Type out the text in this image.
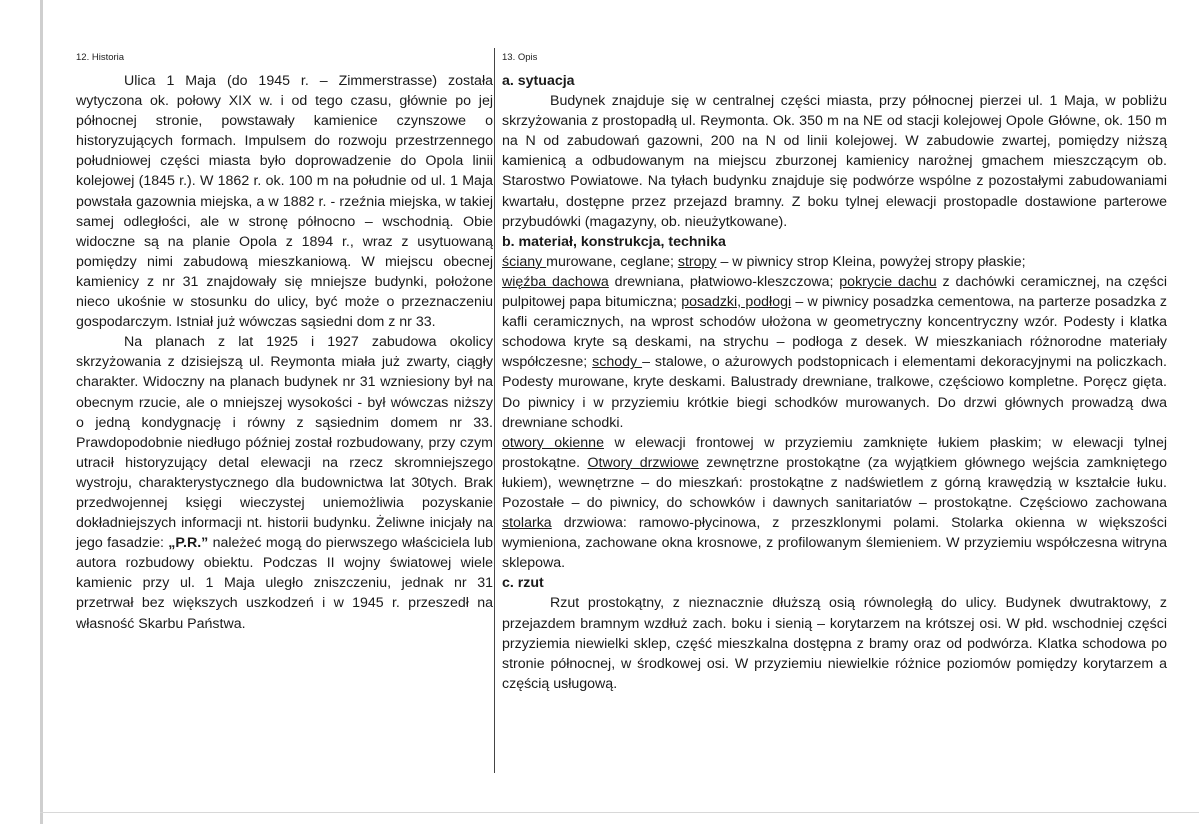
12. Historia

Ulica 1 Maja (do 1945 r. – Zimmerstrasse) została wytyczona ok. połowy XIX w. i od tego czasu, głównie po jej północnej stronie, powstawały kamienice czynszowe o historyzujących formach. Impulsem do rozwoju przestrzennego południowej części miasta było doprowadzenie do Opola linii kolejowej (1845 r.). W 1862 r. ok. 100 m na południe od ul. 1 Maja powstała gazownia miejska, a w 1882 r. - rzeźnia miejska, w takiej samej odległości, ale w stronę północno – wschodnią. Obie widoczne są na planie Opola z 1894 r., wraz z usytuowaną pomiędzy nimi zabudową mieszkaniową. W miejscu obecnej kamienicy z nr 31 znajdowały się mniejsze budynki, położone nieco ukośnie w stosunku do ulicy, być może o przeznaczeniu gospodarczym. Istniał już wówczas sąsiedni dom z nr 33.

Na planach z lat 1925 i 1927 zabudowa okolicy skrzyżowania z dzisiejszą ul. Reymonta miała już zwarty, ciągły charakter. Widoczny na planach budynek nr 31 wzniesiony był na obecnym rzucie, ale o mniejszej wysokości - był wówczas niższy o jedną kondygnację i równy z sąsiednim domem nr 33. Prawdopodobnie niedługo później został rozbudowany, przy czym utracił historyzujący detal elewacji na rzecz skromniejszego wystroju, charakterystycznego dla budownictwa lat 30tych. Brak przedwojennej księgi wieczystej uniemożliwia pozyskanie dokładniejszych informacji nt. historii budynku. Żeliwne inicjały na jego fasadzie: „P.R.” należeć mogą do pierwszego właściciela lub autora rozbudowy obiektu. Podczas II wojny światowej wiele kamienic przy ul. 1 Maja uległo zniszczeniu, jednak nr 31 przetrwał bez większych uszkodzeń i w 1945 r. przeszedł na własność Skarbu Państwa.

13. Opis

a. sytuacja

Budynek znajduje się w centralnej części miasta, przy północnej pierzei ul. 1 Maja, w pobliżu skrzyżowania z prostopadłą ul. Reymonta. Ok. 350 m na NE od stacji kolejowej Opole Główne, ok. 150 m na N od zabudowań gazowni, 200 na N od linii kolejowej. W zabudowie zwartej, pomiędzy niższą kamienicą a odbudowanym na miejscu zburzonej kamienicy narożnej gmachem mieszczącym ob. Starostwo Powiatowe. Na tyłach budynku znajduje się podwórze wspólne z pozostałymi zabudowaniami kwartału, dostępne przez przejazd bramny. Z boku tylnej elewacji prostopadle dostawione parterowe przybudówki (magazyny, ob. nieużytkowane).

b. materiał, konstrukcja, technika

ściany murowane, ceglane; stropy – w piwnicy strop Kleina, powyżej stropy płaskie;

więźba dachowa drewniana, płatwiowo-kleszczowa; pokrycie dachu z dachówki ceramicznej, na części pulpitowej papa bitumiczna; posadzki, podłogi – w piwnicy posadzka cementowa, na parterze posadzka z kafli ceramicznych, na wprost schodów ułożona w geometryczny koncentryczny wzór. Podesty i klatka schodowa kryte są deskami, na strychu – podłoga z desek. W mieszkaniach różnorodne materiały współczesne; schody – stalowe, o ażurowych podstopnicach i elementami dekoracyjnymi na policzkach. Podesty murowane, kryte deskami. Balustrady drewniane, tralkowe, częściowo kompletne. Poręcz gięta. Do piwnicy i w przyziemiu krótkie biegi schodków murowanych. Do drzwi głównych prowadzą dwa drewniane schodki.

otwory okienne w elewacji frontowej w przyziemiu zamknięte łukiem płaskim; w elewacji tylnej prostokątne. Otwory drzwiowe zewnętrzne prostokątne (za wyjątkiem głównego wejścia zamkniętego łukiem), wewnętrzne – do mieszkań: prostokątne z nadświetlem z górną krawędzią w kształcie łuku. Pozostałe – do piwnicy, do schowków i dawnych sanitariatów – prostokątne. Częściowo zachowana stolarka drzwiowa: ramowo-płycinowa, z przeszklonymi polami. Stolarka okienna w większości wymieniona, zachowane okna krosnowe, z profilowanym ślemieniem. W przyziemiu współczesna witryna sklepowa.

c. rzut

Rzut prostokątny, z nieznacznie dłuższą osią równoległą do ulicy. Budynek dwutraktowy, z przejazdem bramnym wzdłuż zach. boku i sienią – korytarzem na krótszej osi. W płd. wschodniej części przyziemia niewielki sklep, część mieszkalna dostępna z bramy oraz od podwórza. Klatka schodowa po stronie północnej, w środkowej osi. W przyziemiu niewielkie różnice poziomów pomiędzy korytarzem a częścią usługową.
